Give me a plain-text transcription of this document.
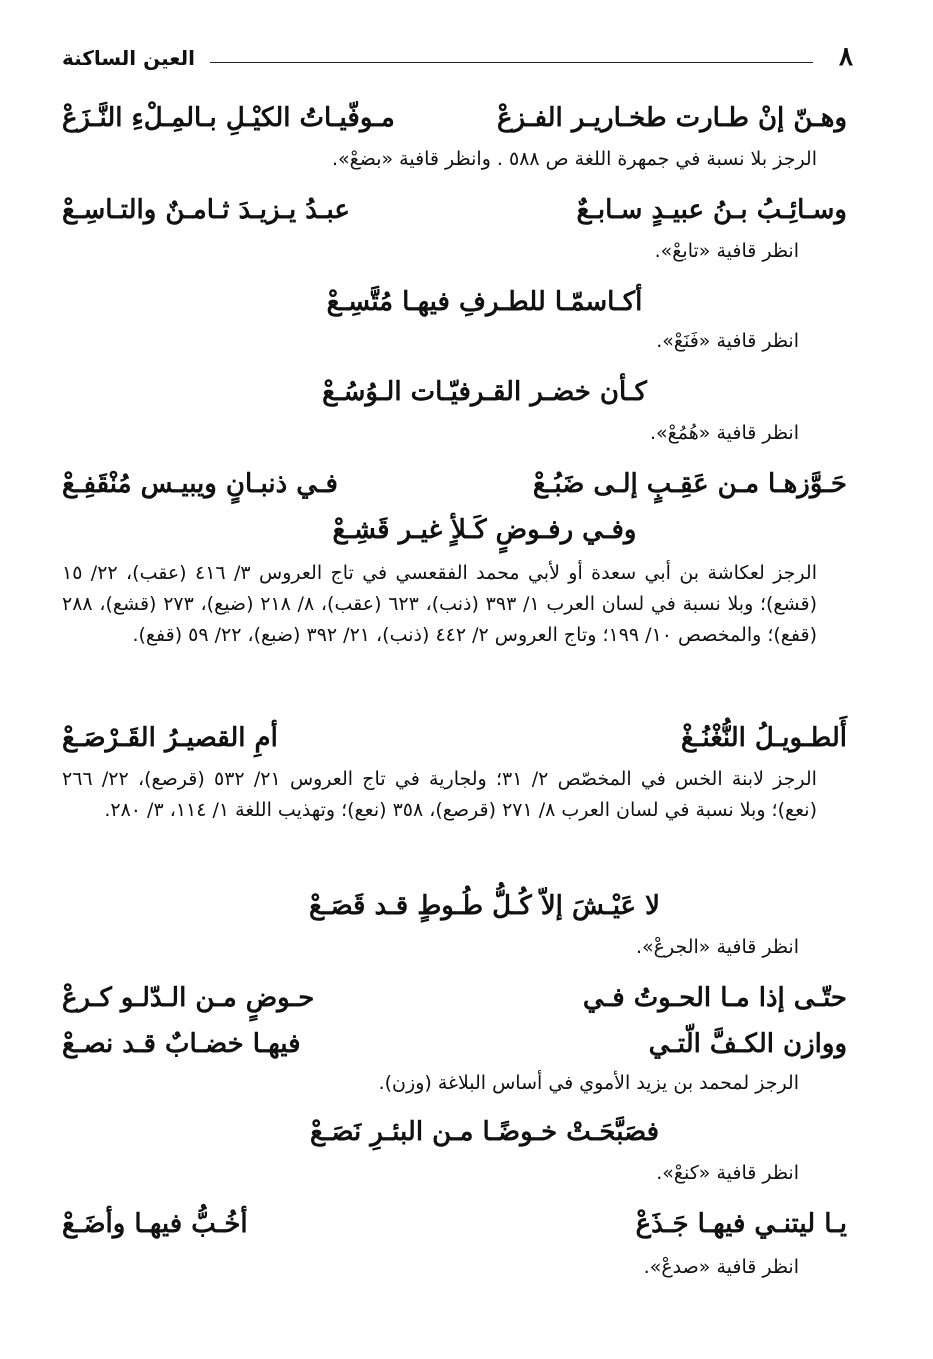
٨
العين الساكنة
وهـنّ إنْ طـارت طخـاريـر الفـزعْ
مـوفّيـاتُ الكيْـلِ بـالمِـلْءِ النَّـزَعْ
الرجز بلا نسبة في جمهرة اللغة ص ٥٨٨ . وانظر قافية «بضعْ».
وسـائِـبُ بـنُ عبيـدٍ سـابـعٌ
عبـدُ يـزيـدَ ثـامـنٌ والتـاسِـعْ
انظر قافية «تابعْ».
أكـاسمّـا للطـرفِ فيهـا مُتَّسِـعْ
انظر قافية «فَنَعْ».
كـأن خضـر القـرفيّـات الـوُسُـعْ
انظر قافية «هُمُعْ».
حَـوَّزهـا مـن عَقِـبٍ إلـى ضَبُـعْ
فـي ذنبـانٍ ويبيـس مُنْقَفِـعْ
وفـي رفـوضٍ كَـلأٍ غيـر قَشِـعْ
الرجز لعكاشة بن أبي سعدة أو لأبي محمد الفقعسي في تاج العروس ٣/ ٤١٦ (عقب)، ٢٢/ ١٥ (قشع)؛ وبلا نسبة في لسان العرب ١/ ٣٩٣ (ذنب)، ٦٢٣ (عقب)، ٨/ ٢١٨ (ضيع)، ٢٧٣ (قشع)، ٢٨٨ (قفع)؛ والمخصص ١٠/ ١٩٩؛ وتاج العروس ٢/ ٤٤٢ (ذنب)، ٢١/ ٣٩٢ (ضبع)، ٢٢/ ٥٩ (قفع).
أَلطـويـلُ النُّغْنُـغْ
أمِ القصيـرُ القَـرْصَـعْ
الرجز لابنة الخس في المخصّص ٢/ ٣١؛ ولجارية في تاج العروس ٢١/ ٥٣٢ (قرصع)، ٢٢/ ٢٦٦ (نعع)؛ وبلا نسبة في لسان العرب ٨/ ٢٧١ (قرصع)، ٣٥٨ (نعع)؛ وتهذيب اللغة ١/ ١١٤، ٣/ ٢٨٠.
لا عَيْـشَ إلاّ كُـلُّ طُـوطٍ قـد قَصَـعْ
انظر قافية «الجرعْ».
حتّـى إذا مـا الحـوتُ فـي
حـوضٍ مـن الـدّلـو كـرعْ
ووازن الكـفَّ الّتـي
فيهـا خضـابٌ قـد نصـعْ
الرجز لمحمد بن يزيد الأموي في أساس البلاغة (وزن).
فصَبَّحَـتْ خـوضًـا مـن البئـرِ نَصَـعْ
انظر قافية «كنعْ».
يـا ليتنـي فيهـا جَـذَعْ
أخُـبُّ فيهـا وأضَـعْ
انظر قافية «صدعْ».
